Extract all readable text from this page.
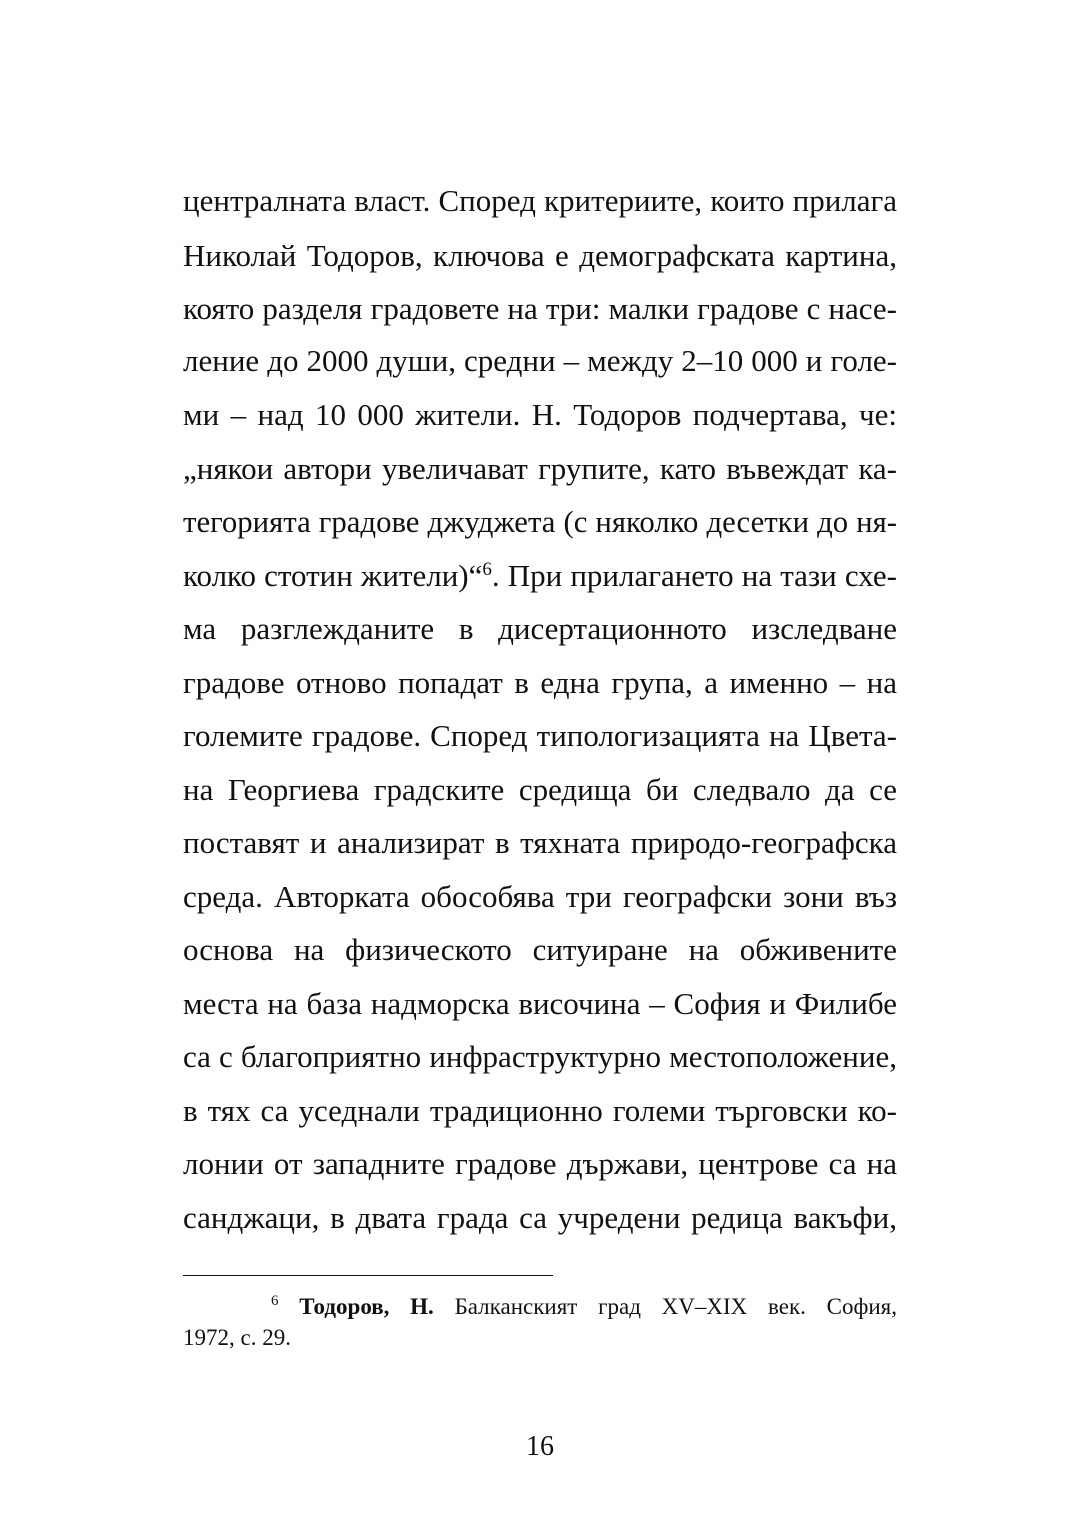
централната власт. Според критериите, които прилага
Николай Тодоров, ключова е демографската картина,
която разделя градовете на три: малки градове с насе-
ление до 2000 души, средни – между 2–10 000 и голе-
ми – над 10 000 жители. Н. Тодоров подчертава, че:
„някои автори увеличават групите, като въвеждат ка-
тегорията градове джуджета (с няколко десетки до ня-
колко стотин жители)“$^6$. При прилагането на тази схе-
ма разглежданите в дисертационното изследване
градове отново попадат в една група, а именно – на
големите градове. Според типологизацията на Цвета-
на Георгиева градските средища би следвало да се
поставят и анализират в тяхната природо-географска
среда. Авторката обособява три географски зони въз
основа на физическото ситуиране на обживените
места на база надморска височина – София и Филибе
са с благоприятно инфраструктурно местоположение,
в тях са уседнали традиционно големи търговски ко-
лонии от западните градове държави, центрове са на
санджаци, в двата града са учредени редица вакъфи,
$^6$ Тодоров, Н. Балканският град XV–XIX век. София,
1972, с. 29.
16
